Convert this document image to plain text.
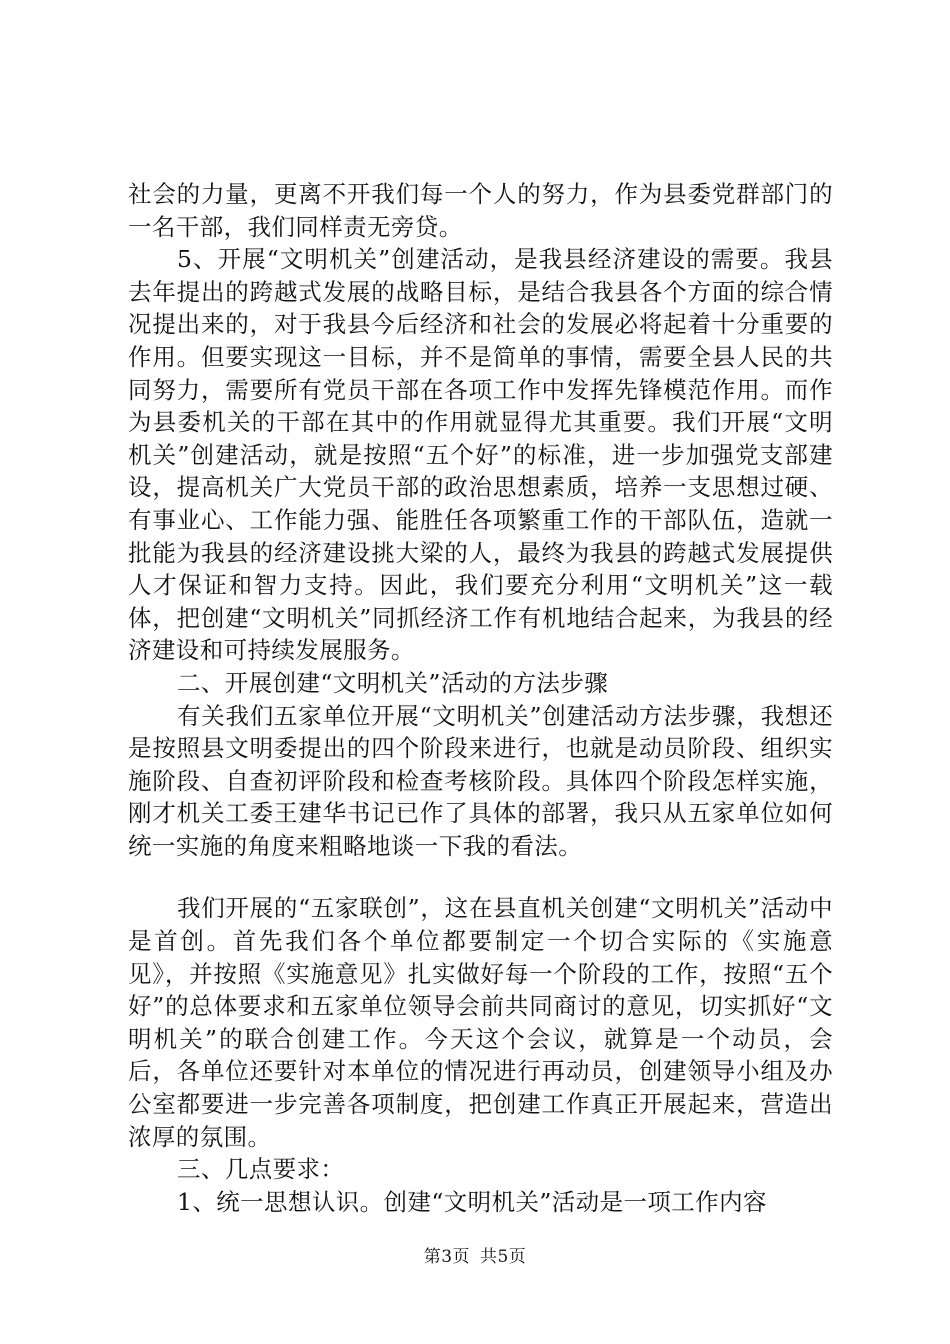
社会的力量，更离不开我们每一个人的努力，作为县委党群部门的一名干部，我们同样责无旁贷。

5、开展“文明机关”创建活动，是我县经济建设的需要。我县去年提出的跨越式发展的战略目标，是结合我县各个方面的综合情况提出来的，对于我县今后经济和社会的发展必将起着十分重要的作用。但要实现这一目标，并不是简单的事情，需要全县人民的共同努力，需要所有党员干部在各项工作中发挥先锋模范作用。而作为县委机关的干部在其中的作用就显得尤其重要。我们开展“文明机关”创建活动，就是按照“五个好”的标准，进一步加强党支部建设，提高机关广大党员干部的政治思想素质，培养一支思想过硬、有事业心、工作能力强、能胜任各项繁重工作的干部队伍，造就一批能为我县的经济建设挑大梁的人，最终为我县的跨越式发展提供人才保证和智力支持。因此，我们要充分利用“文明机关”这一载体，把创建“文明机关”同抓经济工作有机地结合起来，为我县的经济建设和可持续发展服务。

二、开展创建“文明机关”活动的方法步骤

有关我们五家单位开展“文明机关”创建活动方法步骤，我想还是按照县文明委提出的四个阶段来进行，也就是动员阶段、组织实施阶段、自查初评阶段和检查考核阶段。具体四个阶段怎样实施，刚才机关工委王建华书记已作了具体的部署，我只从五家单位如何统一实施的角度来粗略地谈一下我的看法。

我们开展的“五家联创”，这在县直机关创建“文明机关”活动中是首创。首先我们各个单位都要制定一个切合实际的《实施意见》，并按照《实施意见》扎实做好每一个阶段的工作，按照“五个好”的总体要求和五家单位领导会前共同商讨的意见，切实抓好“文明机关”的联合创建工作。今天这个会议，就算是一个动员，会后，各单位还要针对本单位的情况进行再动员，创建领导小组及办公室都要进一步完善各项制度，把创建工作真正开展起来，营造出浓厚的氛围。

三、几点要求：

1、统一思想认识。创建“文明机关”活动是一项工作内容

第3页 共5页
